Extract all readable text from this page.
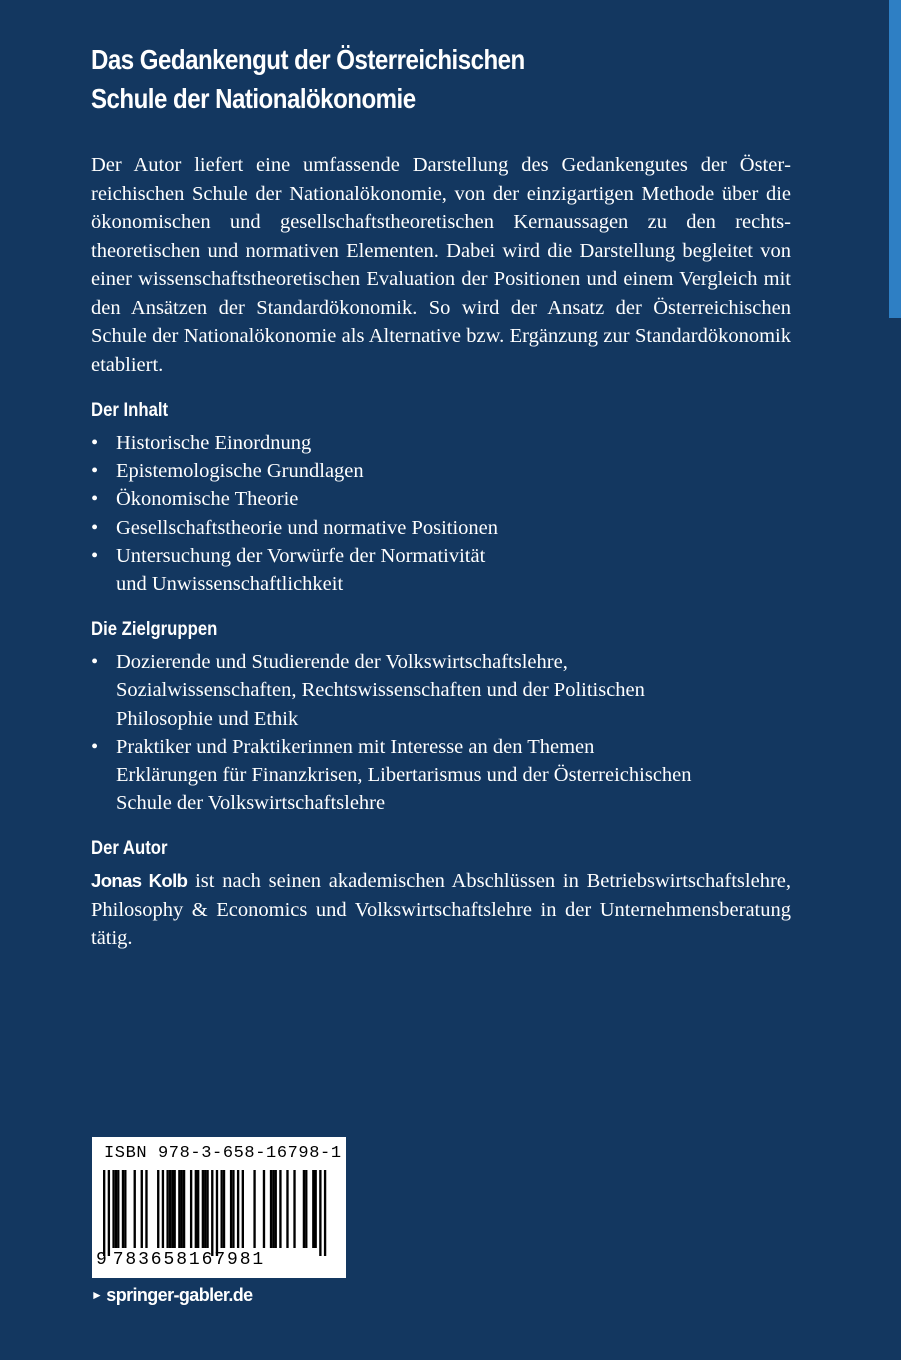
Das Gedankengut der Österreichischen
Schule der Nationalökonomie

Der Autor liefert eine umfassende Darstellung des Gedankengutes der Österreichischen Schule der Nationalökonomie, von der einzigartigen Methode über die ökonomischen und gesellschaftstheoretischen Kernaussagen zu den rechtstheoretischen und normativen Elementen. Dabei wird die Darstellung begleitet von einer wissenschaftstheoretischen Evaluation der Positionen und einem Vergleich mit den Ansätzen der Standardökonomik. So wird der Ansatz der Österreichischen Schule der Nationalökonomie als Alternative bzw. Ergänzung zur Standardökonomik etabliert.

Der Inhalt
• Historische Einordnung
• Epistemologische Grundlagen
• Ökonomische Theorie
• Gesellschaftstheorie und normative Positionen
• Untersuchung der Vorwürfe der Normativität
und Unwissenschaftlichkeit
Die Zielgruppen
• Dozierende und Studierende der Volkswirtschaftslehre,
Sozialwissenschaften, Rechtswissenschaften und der Politischen
Philosophie und Ethik
• Praktiker und Praktikerinnen mit Interesse an den Themen
Erklärungen für Finanzkrisen, Libertarismus und der Österreichischen
Schule der Volkswirtschaftslehre
Der Autor

Jonas Kolb ist nach seinen akademischen Abschlüssen in Betriebswirtschaftslehre, Philosophy & Economics und Volkswirtschaftslehre in der Unternehmensberatung tätig.

ISBN 978-3-658-16798-1
9 783658167981
► springer-gabler.de
